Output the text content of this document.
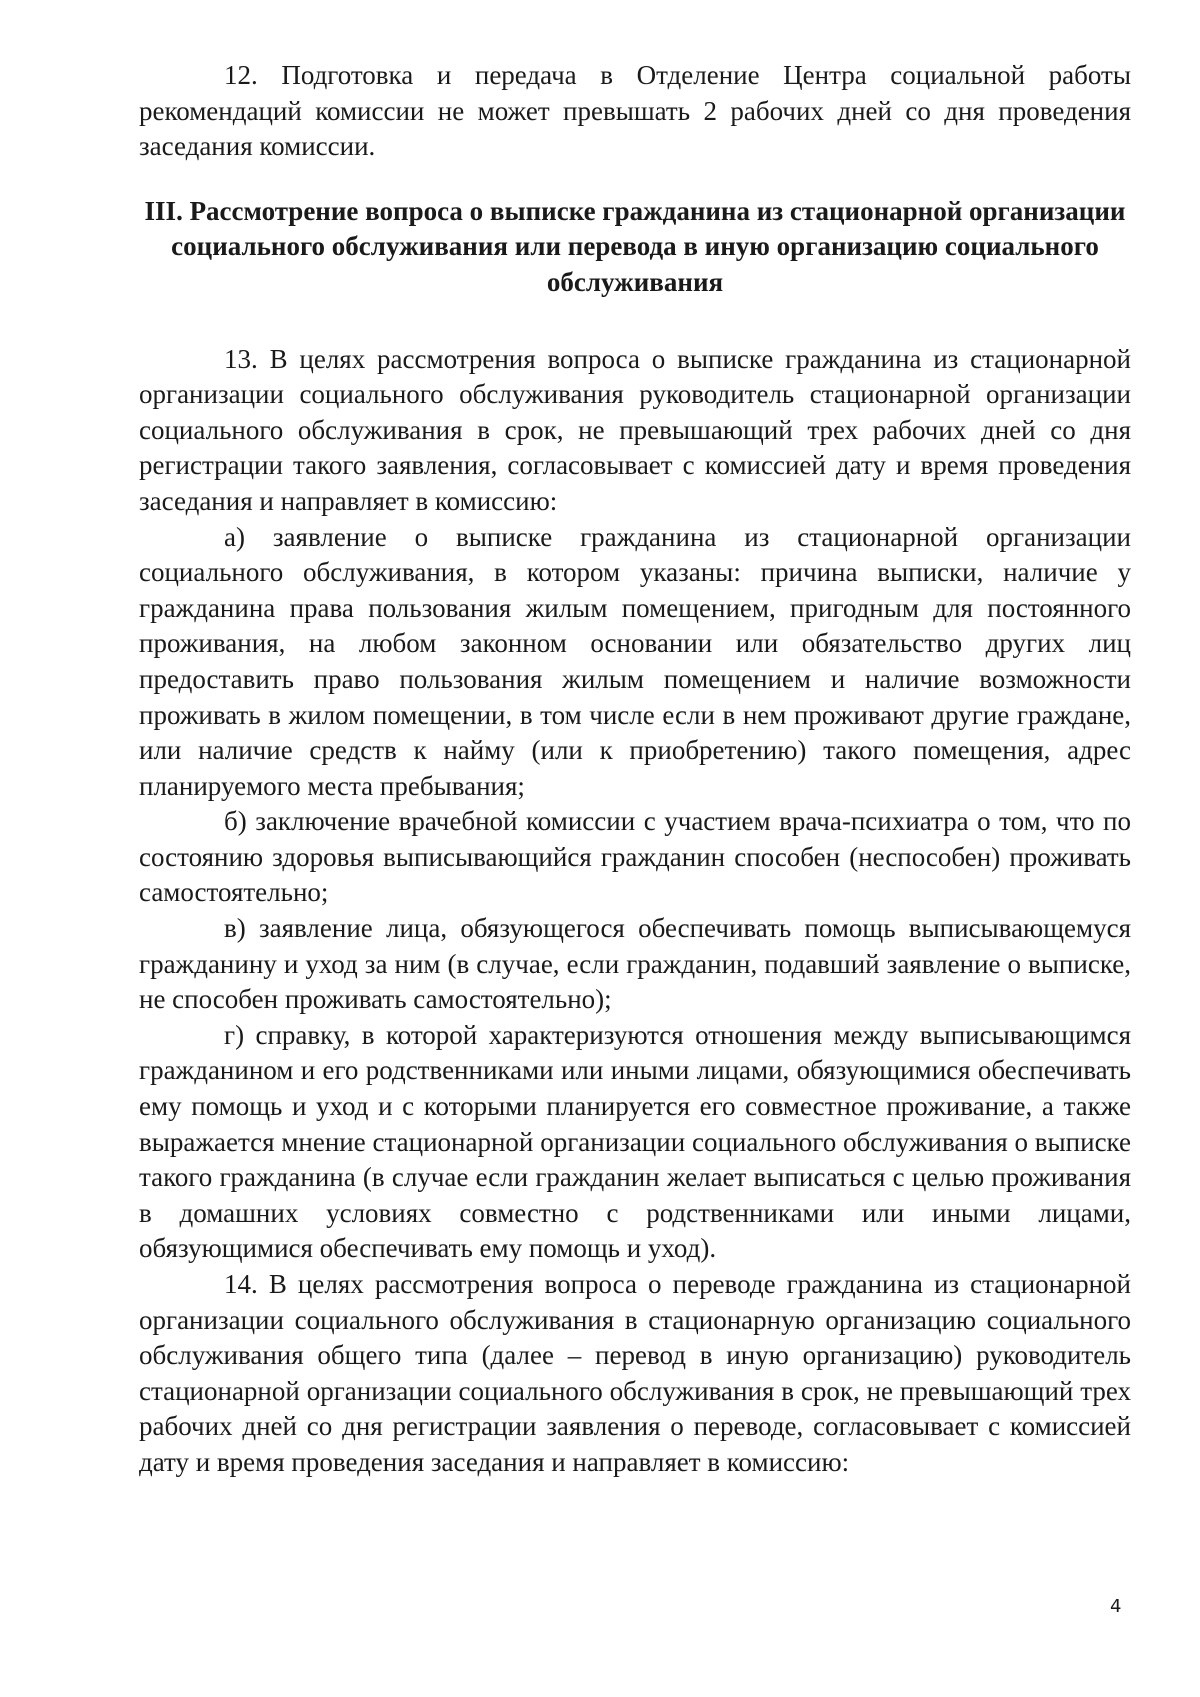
12. Подготовка и передача в Отделение Центра социальной работы рекомендаций комиссии не может превышать 2 рабочих дней со дня проведения заседания комиссии.

III. Рассмотрение вопроса о выписке гражданина из стационарной организации социального обслуживания или перевода в иную организацию социального обслуживания

13. В целях рассмотрения вопроса о выписке гражданина из стационарной организации социального обслуживания руководитель стационарной организации социального обслуживания в срок, не превышающий трех рабочих дней со дня регистрации такого заявления, согласовывает с комиссией дату и время проведения заседания и направляет в комиссию:

а) заявление о выписке гражданина из стационарной организации социального обслуживания, в котором указаны: причина выписки, наличие у гражданина права пользования жилым помещением, пригодным для постоянного проживания, на любом законном основании или обязательство других лиц предоставить право пользования жилым помещением и наличие возможности проживать в жилом помещении, в том числе если в нем проживают другие граждане, или наличие средств к найму (или к приобретению) такого помещения, адрес планируемого места пребывания;

б) заключение врачебной комиссии с участием врача-психиатра о том, что по состоянию здоровья выписывающийся гражданин способен (неспособен) проживать самостоятельно;

в) заявление лица, обязующегося обеспечивать помощь выписывающемуся гражданину и уход за ним (в случае, если гражданин, подавший заявление о выписке, не способен проживать самостоятельно);

г) справку, в которой характеризуются отношения между выписывающимся гражданином и его родственниками или иными лицами, обязующимися обеспечивать ему помощь и уход и с которыми планируется его совместное проживание, а также выражается мнение стационарной организации социального обслуживания о выписке такого гражданина (в случае если гражданин желает выписаться с целью проживания в домашних условиях совместно с родственниками или иными лицами, обязующимися обеспечивать ему помощь и уход).

14. В целях рассмотрения вопроса о переводе гражданина из стационарной организации социального обслуживания в стационарную организацию социального обслуживания общего типа (далее – перевод в иную организацию) руководитель стационарной организации социального обслуживания в срок, не превышающий трех рабочих дней со дня регистрации заявления о переводе, согласовывает с комиссией дату и время проведения заседания и направляет в комиссию:

4
